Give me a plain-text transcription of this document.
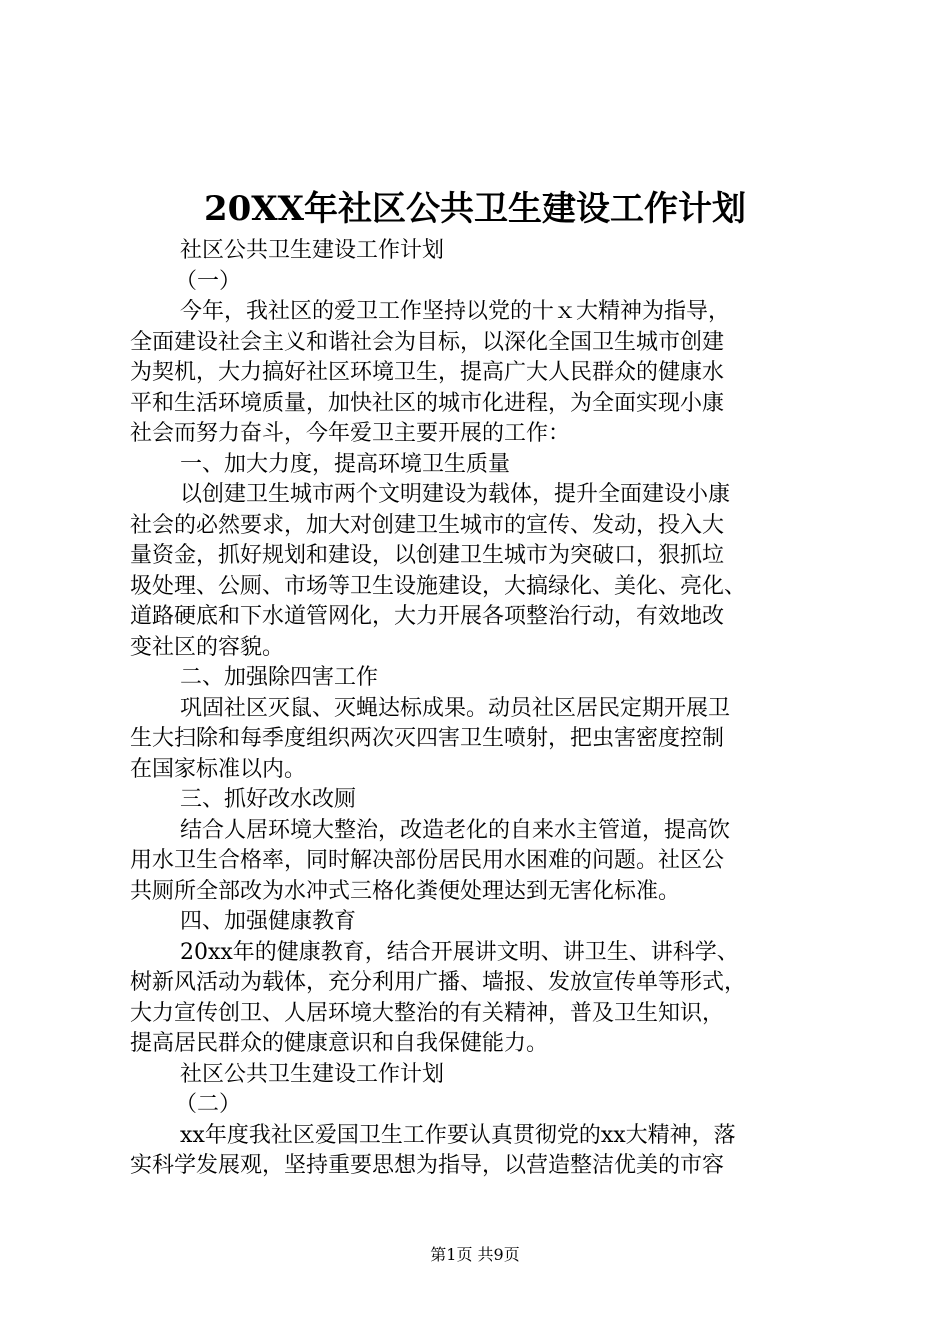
20XX年社区公共卫生建设工作计划
社区公共卫生建设工作计划
（一）
今年，我社区的爱卫工作坚持以党的十ｘ大精神为指导，
全面建设社会主义和谐社会为目标，以深化全国卫生城市创建
为契机，大力搞好社区环境卫生，提高广大人民群众的健康水
平和生活环境质量，加快社区的城市化进程，为全面实现小康
社会而努力奋斗，今年爱卫主要开展的工作：
一、加大力度，提高环境卫生质量
以创建卫生城市两个文明建设为载体，提升全面建设小康
社会的必然要求，加大对创建卫生城市的宣传、发动，投入大
量资金，抓好规划和建设，以创建卫生城市为突破口，狠抓垃
圾处理、公厕、市场等卫生设施建设，大搞绿化、美化、亮化、
道路硬底和下水道管网化，大力开展各项整治行动，有效地改
变社区的容貌。
二、加强除四害工作
巩固社区灭鼠、灭蝇达标成果。动员社区居民定期开展卫
生大扫除和每季度组织两次灭四害卫生喷射，把虫害密度控制
在国家标准以内。
三、抓好改水改厕
结合人居环境大整治，改造老化的自来水主管道，提高饮
用水卫生合格率，同时解决部份居民用水困难的问题。社区公
共厕所全部改为水冲式三格化粪便处理达到无害化标准。
四、加强健康教育
20xx年的健康教育，结合开展讲文明、讲卫生、讲科学、
树新风活动为载体，充分利用广播、墙报、发放宣传单等形式，
大力宣传创卫、人居环境大整治的有关精神，普及卫生知识，
提高居民群众的健康意识和自我保健能力。
社区公共卫生建设工作计划
（二）
xx年度我社区爱国卫生工作要认真贯彻党的xx大精神，落
实科学发展观，坚持重要思想为指导，以营造整洁优美的市容
第1页 共9页
